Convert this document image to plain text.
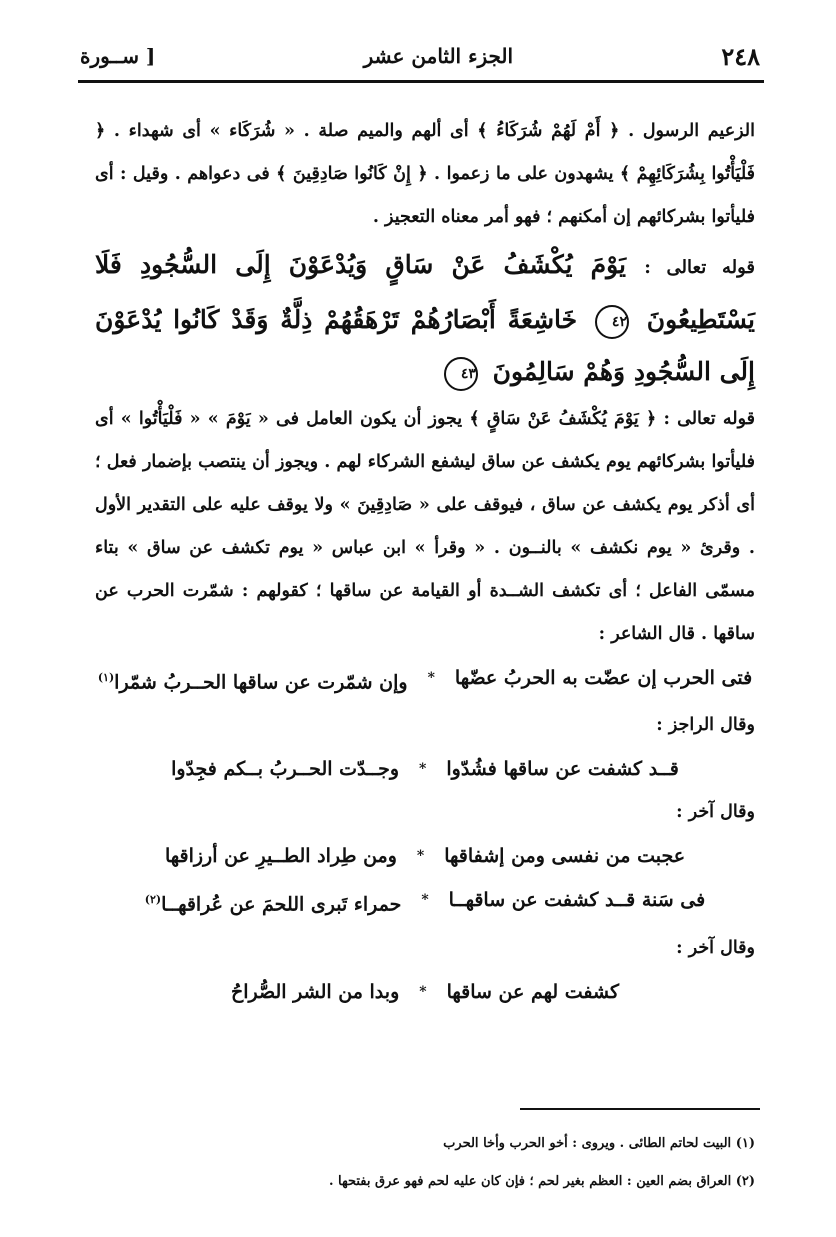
٢٤٨
الجزء الثامن عشر
[ ســورة

الزعيم الرسول . ﴿ أَمْ لَهُمْ شُرَكَاءُ ﴾ أى ألهم والميم صلة . « شُرَكَاء » أى شهداء . ﴿ فَلْيَأْتُوا بِشُرَكَائِهِمْ ﴾ يشهدون على ما زعموا . ﴿ إِنْ كَانُوا صَادِقِينَ ﴾ فى دعواهم . وقيل : أى فليأتوا بشركائهم إن أمكنهم ؛ فهو أمر معناه التعجيز .

قوله تعالى : يَوْمَ يُكْشَفُ عَنْ سَاقٍ وَيُدْعَوْنَ إِلَى السُّجُودِ فَلَا يَسْتَطِيعُونَ ٤٢ خَاشِعَةً أَبْصَارُهُمْ تَرْهَقُهُمْ ذِلَّةٌ وَقَدْ كَانُوا يُدْعَوْنَ إِلَى السُّجُودِ وَهُمْ سَالِمُونَ ٤٣

قوله تعالى : ﴿ يَوْمَ يُكْشَفُ عَنْ سَاقٍ ﴾ يجوز أن يكون العامل فى « يَوْمَ » « فَلْيَأْتُوا » أى فليأتوا بشركائهم يوم يكشف عن ساق ليشفع الشركاء لهم . ويجوز أن ينتصب بإضمار فعل ؛ أى أذكر يوم يكشف عن ساق ، فيوقف على « صَادِقِينَ » ولا يوقف عليه على التقدير الأول . وقرئ « يوم نكشف » بالنــون . « وقرأ » ابن عباس « يوم تكشف عن ساق » بتاء مسمّى الفاعل ؛ أى تكشف الشــدة أو القيامة عن ساقها ؛ كقولهم : شمّرت الحرب عن ساقها . قال الشاعر :

فتى الحرب إن عضّت به الحربُ عضّها
*
وإن شمّرت عن ساقها الحــربُ شمّرا$^{(١)}$

وقال الراجز :

قــد كشفت عن ساقها فشُدّوا
*
وجــدّت الحــربُ بــكم فجِدّوا

وقال آخر :

عجبت من نفسى ومن إشفاقها
*
ومن طِراد الطــيرِ عن أرزاقها
فى سَنة قــد كشفت عن ساقهــا
*
حمراء تَبرى اللحمَ عن عُراقهــا$^{(٢)}$

وقال آخر :

كشفت لهم عن ساقها
*
وبدا من الشر الصُّراحُ

(١) البيت لحاتم الطائى . ويروى : أخو الحرب وأخا الحرب

(٢) العراق بضم العين : العظم بغير لحم ؛ فإن كان عليه لحم فهو عرق بفتحها .
